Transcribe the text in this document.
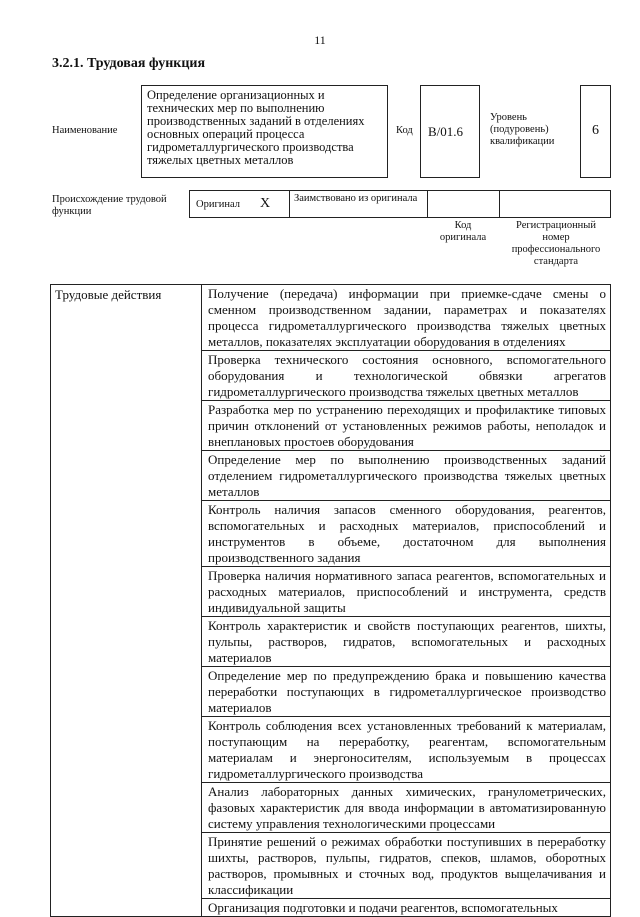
11
3.2.1. Трудовая функция
Наименование
Определение организационных и технических мер по выполнению производственных заданий в отделениях основных операций процесса гидрометаллургического производства тяжелых цветных металлов
Код	B/01.6
Уровень (подуровень) квалификации
6
Происхождение трудовой функции
Оригинал X Заимствовано из оригинала
Код оригинала
Регистрационный номер профессионального стандарта
Трудовые действия	Получение (передача) информации при приемке-сдаче смены о сменном производственном задании, параметрах и показателях процесса гидрометаллургического производства тяжелых цветных металлов, показателях эксплуатации оборудования в отделениях
Проверка технического состояния основного, вспомогательного оборудования и технологической обвязки агрегатов гидрометаллургического производства тяжелых цветных металлов
Разработка мер по устранению переходящих и профилактике типовых причин отклонений от установленных режимов работы, неполадок и внеплановых простоев оборудования
Определение мер по выполнению производственных заданий отделением гидрометаллургического производства тяжелых цветных металлов
Контроль наличия запасов сменного оборудования, реагентов, вспомогательных и расходных материалов, приспособлений и инструментов в объеме, достаточном для выполнения производственного задания
Проверка наличия нормативного запаса реагентов, вспомогательных и расходных материалов, приспособлений и инструмента, средств индивидуальной защиты
Контроль характеристик и свойств поступающих реагентов, шихты, пульпы, растворов, гидратов, вспомогательных и расходных материалов
Определение мер по предупреждению брака и повышению качества переработки поступающих в гидрометаллургическое производство материалов
Контроль соблюдения всех установленных требований к материалам, поступающим на переработку, реагентам, вспомогательным материалам и энергоносителям, используемым в процессах гидрометаллургического производства
Анализ лабораторных данных химических, гранулометрических, фазовых характеристик для ввода информации в автоматизированную систему управления технологическими процессами
Принятие решений о режимах обработки поступивших в переработку шихты, растворов, пульпы, гидратов, спеков, шламов, оборотных растворов, промывных и сточных вод, продуктов выщелачивания и классификации
Организация подготовки и подачи реагентов, вспомогательных
